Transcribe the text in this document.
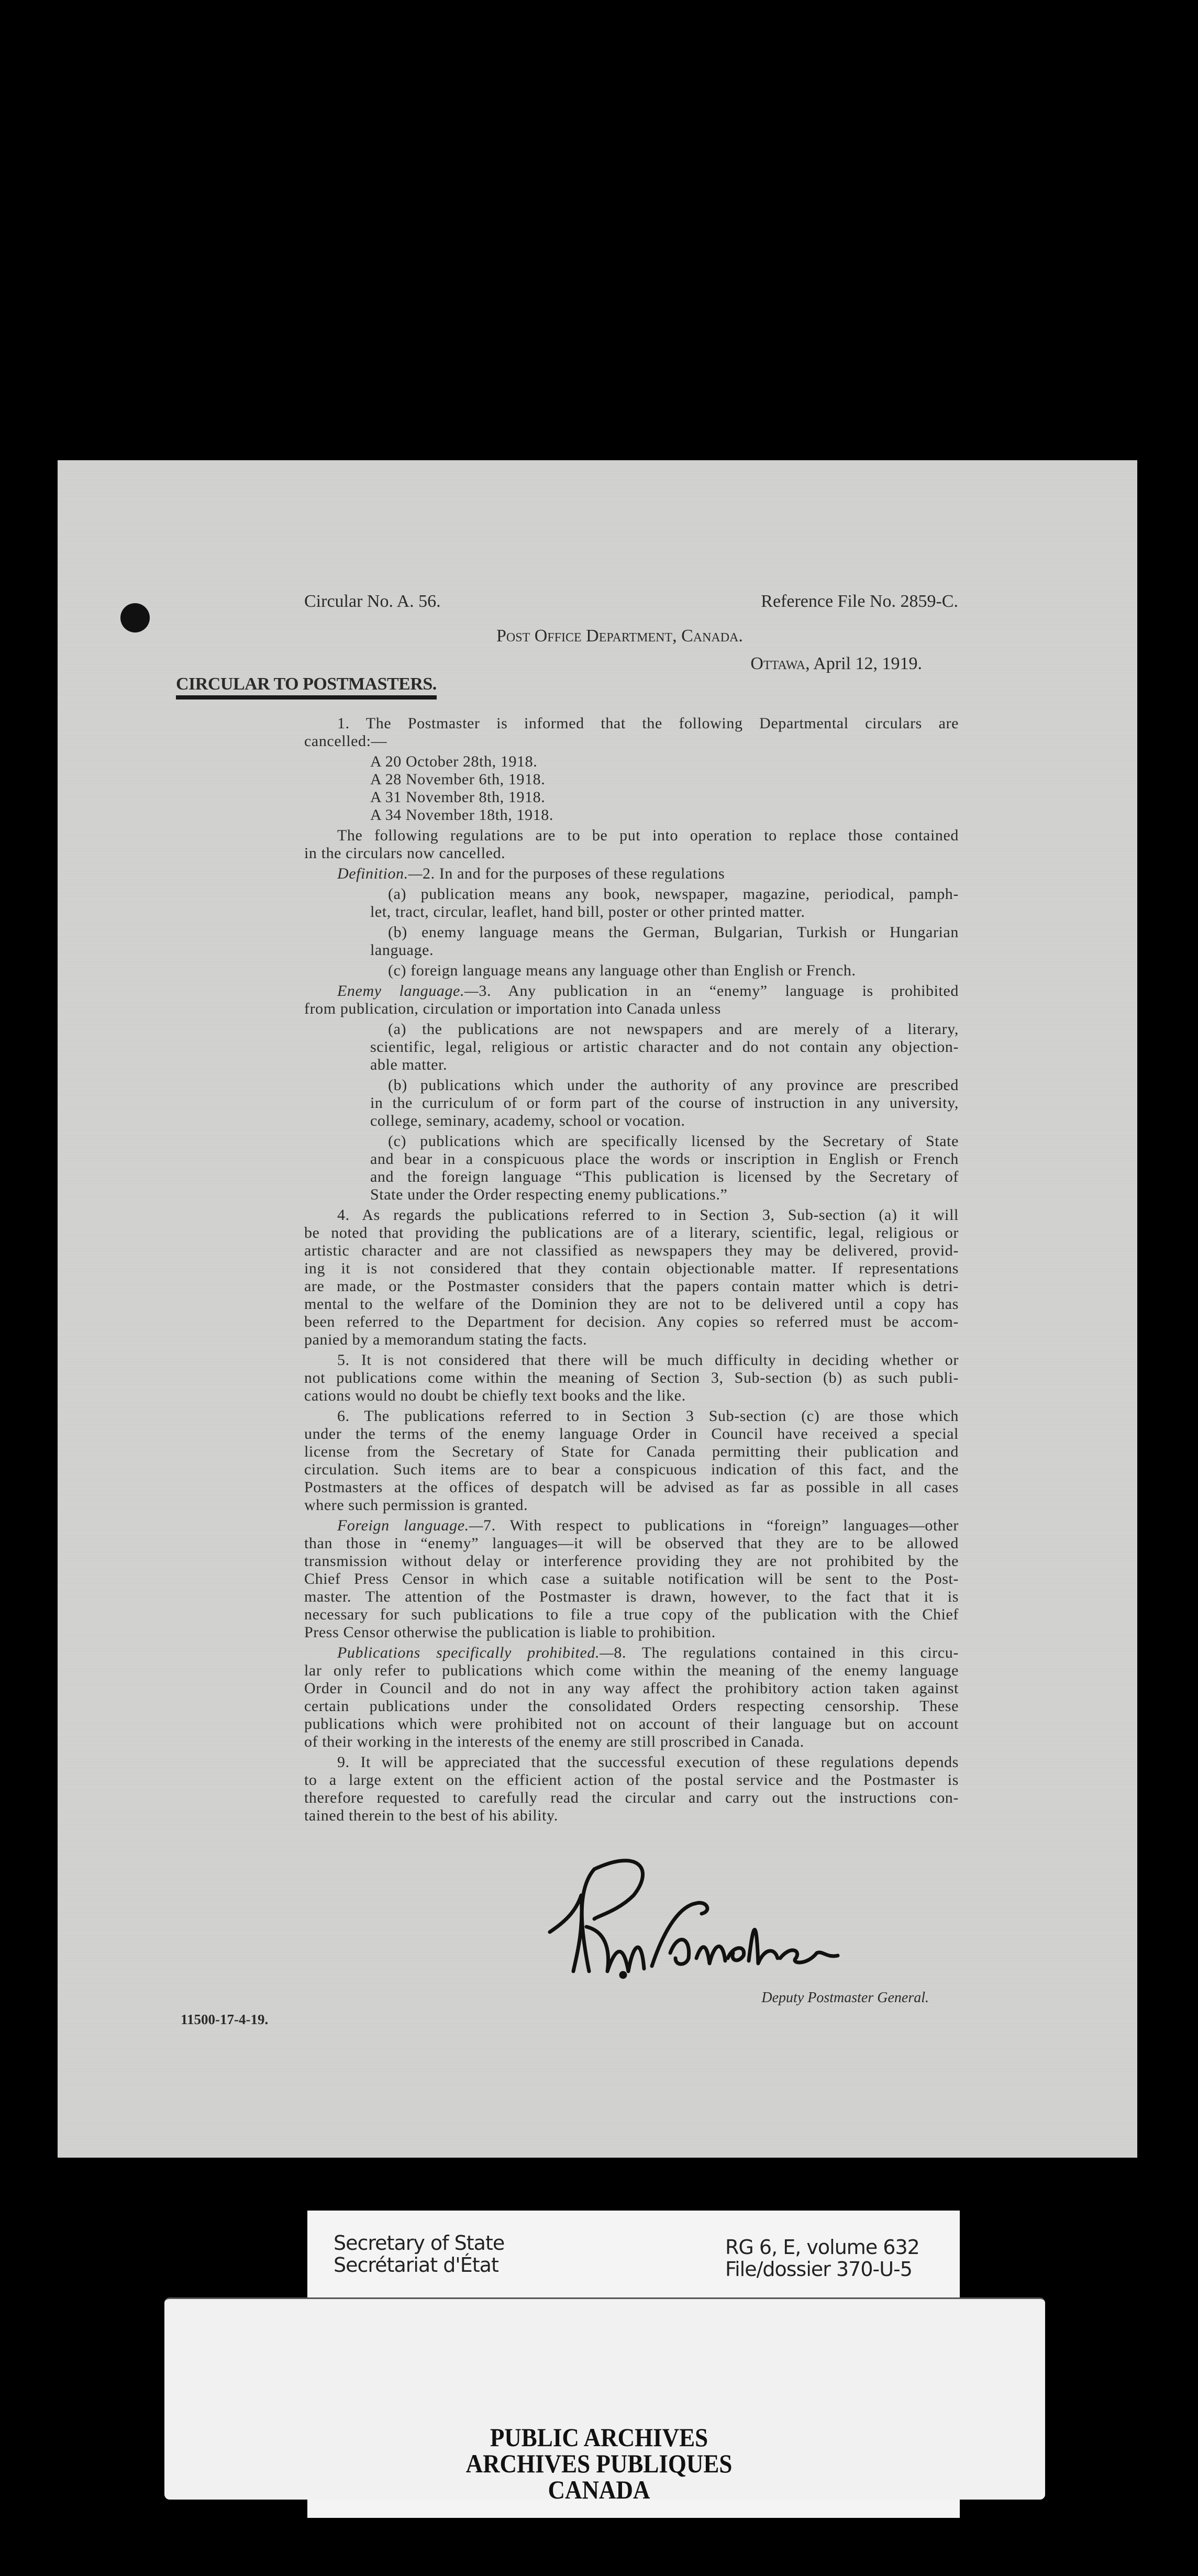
Circular No. A. 56.	Reference File No. 2859-C.
Post Office Department, Canada.
Ottawa, April 12, 1919.
CIRCULAR TO POSTMASTERS.
1. The Postmaster is informed that the following Departmental circulars are
cancelled:—
A 20 October 28th, 1918.
A 28 November 6th, 1918.
A 31 November 8th, 1918.
A 34 November 18th, 1918.
The following regulations are to be put into operation to replace those contained
in the circulars now cancelled.
Definition.—2. In and for the purposes of these regulations
(a) publication means any book, newspaper, magazine, periodical, pamph-
let, tract, circular, leaflet, hand bill, poster or other printed matter.
(b) enemy language means the German, Bulgarian, Turkish or Hungarian
language.
(c) foreign language means any language other than English or French.
Enemy language.—3. Any publication in an “enemy” language is prohibited
from publication, circulation or importation into Canada unless
(a) the publications are not newspapers and are merely of a literary,
scientific, legal, religious or artistic character and do not contain any objection-
able matter.
(b) publications which under the authority of any province are prescribed
in the curriculum of or form part of the course of instruction in any university,
college, seminary, academy, school or vocation.
(c) publications which are specifically licensed by the Secretary of State
and bear in a conspicuous place the words or inscription in English or French
and the foreign language “This publication is licensed by the Secretary of
State under the Order respecting enemy publications.”
4. As regards the publications referred to in Section 3, Sub-section (a) it will
be noted that providing the publications are of a literary, scientific, legal, religious or
artistic character and are not classified as newspapers they may be delivered, provid-
ing it is not considered that they contain objectionable matter. If representations
are made, or the Postmaster considers that the papers contain matter which is detri-
mental to the welfare of the Dominion they are not to be delivered until a copy has
been referred to the Department for decision. Any copies so referred must be accom-
panied by a memorandum stating the facts.
5. It is not considered that there will be much difficulty in deciding whether or
not publications come within the meaning of Section 3, Sub-section (b) as such publi-
cations would no doubt be chiefly text books and the like.
6. The publications referred to in Section 3 Sub-section (c) are those which
under the terms of the enemy language Order in Council have received a special
license from the Secretary of State for Canada permitting their publication and
circulation. Such items are to bear a conspicuous indication of this fact, and the
Postmasters at the offices of despatch will be advised as far as possible in all cases
where such permission is granted.
Foreign language.—7. With respect to publications in “foreign” languages—other
than those in “enemy” languages—it will be observed that they are to be allowed
transmission without delay or interference providing they are not prohibited by the
Chief Press Censor in which case a suitable notification will be sent to the Post-
master. The attention of the Postmaster is drawn, however, to the fact that it is
necessary for such publications to file a true copy of the publication with the Chief
Press Censor otherwise the publication is liable to prohibition.
Publications specifically prohibited.—8. The regulations contained in this circu-
lar only refer to publications which come within the meaning of the enemy language
Order in Council and do not in any way affect the prohibitory action taken against
certain publications under the consolidated Orders respecting censorship. These
publications which were prohibited not on account of their language but on account
of their working in the interests of the enemy are still proscribed in Canada.
9. It will be appreciated that the successful execution of these regulations depends
to a large extent on the efficient action of the postal service and the Postmaster is
therefore requested to carefully read the circular and carry out the instructions con-
tained therein to the best of his ability.
Deputy Postmaster General.
11500-17-4-19.
Secretary of State
Secrétariat d'État
RG 6, E, volume 632
File/dossier 370-U-5
PUBLIC ARCHIVES
ARCHIVES PUBLIQUES
CANADA
